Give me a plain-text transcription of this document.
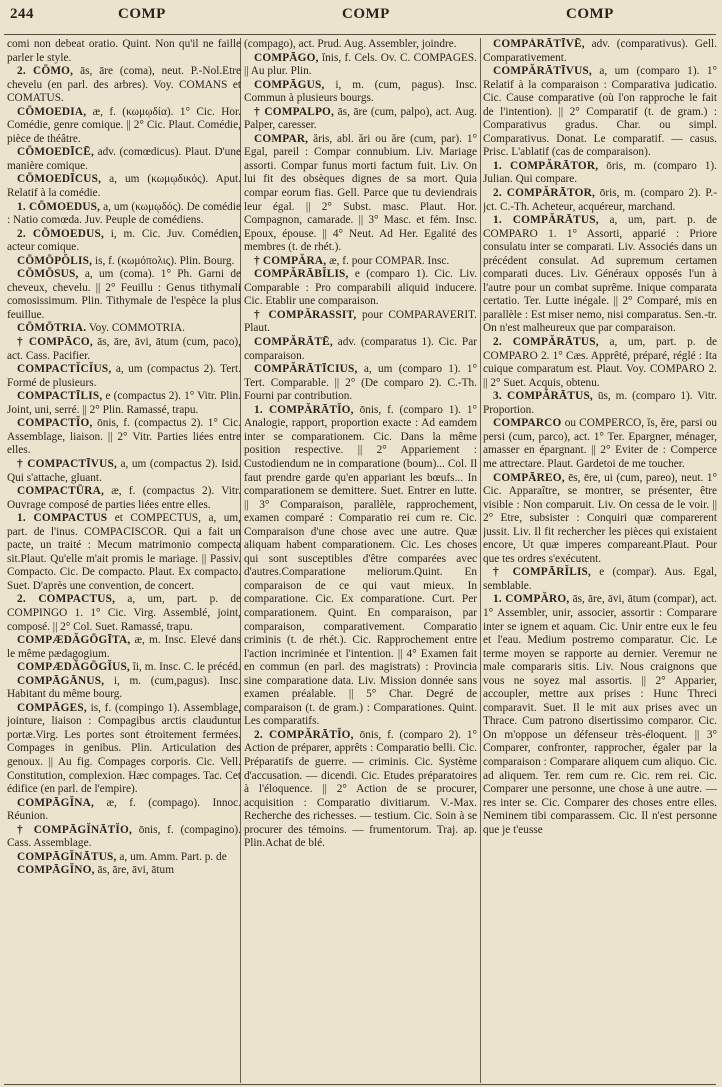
244	COMP	COMP	COMP

comi non debeat oratio. Quint. Non qu'il ne faille parler le style.

2. CŌMO, ās, āre (coma), neut. P.-Nol.Etre chevelu (en parl. des arbres). Voy. COMANS et COMATUS.

CŌMOEDIA, æ, f. (κωμῳδία). 1° Cic. Hor. Comédie, genre comique. || 2° Cic. Plaut. Comédie, pièce de théâtre.

CŌMOEDĪCĒ, adv. (comœdicus). Plaut. D'une manière comique.

CŌMOEDĪCUS, a, um (κωμῳδικός). Aput. Relatif à la comédie.

1. CŌMOEDUS, a, um (κωμῳδός). De comédie : Natio comœda. Juv. Peuple de comédiens.

2. CŌMOEDUS, i, m. Cic. Juv. Comédien, acteur comique.

CŌMŌPŎLIS, is, f. (κωμόπολις). Plin. Bourg.

CŌMŌSUS, a, um (coma). 1° Ph. Garni de cheveux, chevelu. || 2° Feuillu : Genus tithymali comosissimum. Plin. Tithymale de l'espèce la plus feuillue.

CŌMŌTRIA. Voy. COMMOTRIA.

† COMPĀCO, ās, āre, āvi, ātum (cum, paco), act. Cass. Pacifier.

COMPACTĬCĬUS, a, um (compactus 2). Tert. Formé de plusieurs.

COMPACTĪLIS, e (compactus 2). 1° Vitr. Plin. Joint, uni, serré. || 2° Plin. Ramassé, trapu.

COMPACTĬO, ōnis, f. (compactus 2). 1° Cic. Assemblage, liaison. || 2° Vitr. Parties liées entre elles.

† COMPACTĪVUS, a, um (compactus 2). Isid. Qui s'attache, gluant.

COMPACTŪRA, æ, f. (compactus 2). Vitr. Ouvrage composé de parties liées entre elles.

1. COMPACTUS et COMPECTUS, a, um, part. de l'inus. COMPACISCOR. Qui a fait un pacte, un traité : Mecum matrimonio compecta sit.Plaut. Qu'elle m'ait promis le mariage. || Passiv. Compacto. Cic. De compacto. Plaut. Ex compacto. Suet. D'après une convention, de concert.

2. COMPACTUS, a, um, part. p. de COMPINGO 1. 1° Cic. Virg. Assemblé, joint, composé. || 2° Col. Suet. Ramassé, trapu.

COMPÆDĂGŌGĪTA, æ, m. Insc. Elevé dans le même pædagogium.

COMPÆDĂGŌGĬUS, ĭi, m. Insc. C. le précéd.

COMPĀGĀNUS, i, m. (cum,pagus). Insc. Habitant du même bourg.

COMPĀGES, is, f. (compingo 1). Assemblage, jointure, liaison : Compagibus arctis clauduntur portæ.Virg. Les portes sont étroitement fermées. Compages in genibus. Plin. Articulation des genoux. || Au fig. Compages corporis. Cic. Vell. Constitution, complexion. Hæc compages. Tac. Cet édifice (en parl. de l'empire).

COMPĀGĬNA, æ, f. (compago). Innoc. Réunion.

† COMPĀGĬNĀTĬO, ōnis, f. (compagino). Cass. Assemblage.

COMPĀGĬNĀTUS, a, um. Amm. Part. p. de

COMPĀGĬNO, ās, āre, āvi, ātum

(compago), act. Prud. Aug. Assembler, joindre.

COMPĀGO, ĭnis, f. Cels. Ov. C. COMPAGES. || Au plur. Plin.

COMPĀGUS, i, m. (cum, pagus). Insc. Commun à plusieurs bourgs.

† COMPALPO, ās, āre (cum, palpo), act. Aug. Palper, caresser.

COMPAR, ăris, abl. ări ou ăre (cum, par). 1° Egal, pareil : Compar connubium. Liv. Mariage assorti. Compar funus morti factum fuit. Liv. On lui fit des obsèques dignes de sa mort. Quia compar eorum fias. Gell. Parce que tu deviendrais leur égal. || 2° Subst. masc. Plaut. Hor. Compagnon, camarade. || 3° Masc. et fém. Insc. Epoux, épouse. || 4° Neut. Ad Her. Egalité des membres (t. de rhét.).

† COMPĂRA, æ, f. pour COMPAR. Insc.

COMPĂRĀBĬLIS, e (comparo 1). Cic. Liv. Comparable : Pro comparabili aliquid inducere. Cic. Etablir une comparaison.

† COMPĂRASSIT, pour COMPARAVERIT. Plaut.

COMPĂRĀTĒ, adv. (comparatus 1). Cic. Par comparaison.

COMPĂRĀTĪCIUS, a, um (comparo 1). 1° Tert. Comparable. || 2° (De comparo 2). C.-Th. Fourni par contribution.

1. COMPĂRĀTĬO, ōnis, f. (comparo 1). 1° Analogie, rapport, proportion exacte : Ad eamdem inter se comparationem. Cic. Dans la même position respective. || 2° Appariement : Custodiendum ne in comparatione (boum)... Col. Il faut prendre garde qu'en appariant les bœufs... In comparationem se demittere. Suet. Entrer en lutte. || 3° Comparaison, parallèle, rapprochement, examen comparé : Comparatio rei cum re. Cic. Comparaison d'une chose avec une autre. Quæ aliquam habent comparationem. Cic. Les choses qui sont susceptibles d'être comparées avec d'autres.Comparatione meliorum.Quint. En comparaison de ce qui vaut mieux. In comparatione. Cic. Ex comparatione. Curt. Per comparationem. Quint. En comparaison, par comparaison, comparativement. Comparatio criminis (t. de rhét.). Cic. Rapprochement entre l'action incriminée et l'intention. || 4° Examen fait en commun (en parl. des magistrats) : Provincia sine comparatione data. Liv. Mission donnée sans examen préalable. || 5° Char. Degré de comparaison (t. de gram.) : Comparationes. Quint. Les comparatifs.

2. COMPĂRĀTĬO, ōnis, f. (comparo 2). 1° Action de préparer, apprêts : Comparatio belli. Cic. Préparatifs de guerre. — criminis. Cic. Système d'accusation. — dicendi. Cic. Etudes préparatoires à l'éloquence. || 2° Action de se procurer, acquisition : Comparatio divitiarum. V.-Max. Recherche des richesses. — testium. Cic. Soin à se procurer des témoins. — frumentorum. Traj. ap. Plin.Achat de blé.

COMPĂRĀTĪVĒ, adv. (comparativus). Gell. Comparativement.

COMPĂRĀTĪVUS, a, um (comparo 1). 1° Relatif à la comparaison : Comparativa judicatio. Cic. Cause comparative (où l'on rapproche le fait de l'intention). || 2° Comparatif (t. de gram.) : Comparativus gradus. Char. ou simpl. Comparativus. Donat. Le comparatif. — casus. Prisc. L'ablatif (cas de comparaison).

1. COMPĂRĀTOR, ōris, m. (comparo 1). Julian. Qui compare.

2. COMPĂRĀTOR, ōris, m. (comparo 2). P.-jct. C.-Th. Acheteur, acquéreur, marchand.

1. COMPĂRĀTUS, a, um, part. p. de COMPARO 1. 1° Assorti, apparié : Priore consulatu inter se comparati. Liv. Associés dans un précédent consulat. Ad supremum certamen comparati duces. Liv. Généraux opposés l'un à l'autre pour un combat suprême. Inique comparata certatio. Ter. Lutte inégale. || 2° Comparé, mis en parallèle : Est miser nemo, nisi comparatus. Sen.-tr. On n'est malheureux que par comparaison.

2. COMPĂRĀTUS, a, um, part. p. de COMPARO 2. 1° Cæs. Apprêté, préparé, réglé : Ita cuique comparatum est. Plaut. Voy. COMPARO 2. || 2° Suet. Acquis, obtenu.

3. COMPĂRĀTUS, ūs, m. (comparo 1). Vitr. Proportion.

COMPARCO ou COMPERCO, ĭs, ĕre, parsi ou persi (cum, parco), act. 1° Ter. Epargner, ménager, amasser en épargnant. || 2° Eviter de : Comperce me attrectare. Plaut. Gardetoi de me toucher.

COMPĀREO, ēs, ēre, ui (cum, pareo), neut. 1° Cic. Apparaître, se montrer, se présenter, être visible : Non comparuit. Liv. On cessa de le voir. || 2° Etre, subsister : Conquiri quæ comparerent jussit. Liv. Il fit rechercher les pièces qui existaient encore, Ut quæ imperes compareant.Plaut. Pour que tes ordres s'exécutent.

† COMPĀRĬLIS, e (compar). Aus. Egal, semblable.

1. COMPĂRO, ās, āre, āvi, ātum (compar), act. 1° Assembler, unir, associer, assortir : Comparare inter se ignem et aquam. Cic. Unir entre eux le feu et l'eau. Medium postremo comparatur. Cic. Le terme moyen se rapporte au dernier. Veremur ne male compararis sitis. Liv. Nous craignons que vous ne soyez mal assortis. || 2° Apparier, accoupler, mettre aux prises : Hunc Threci comparavit. Suet. Il le mit aux prises avec un Thrace. Cum patrono disertissimo comparor. Cic. On m'oppose un défenseur très-éloquent. || 3° Comparer, confronter, rapprocher, égaler par la comparaison : Comparare aliquem cum aliquo. Cic. ad aliquem. Ter. rem cum re. Cic. rem rei. Cic. Comparer une personne, une chose à une autre. — res inter se. Cic. Comparer des choses entre elles. Neminem tibi comparassem. Cic. Il n'est personne que je t'eusse
